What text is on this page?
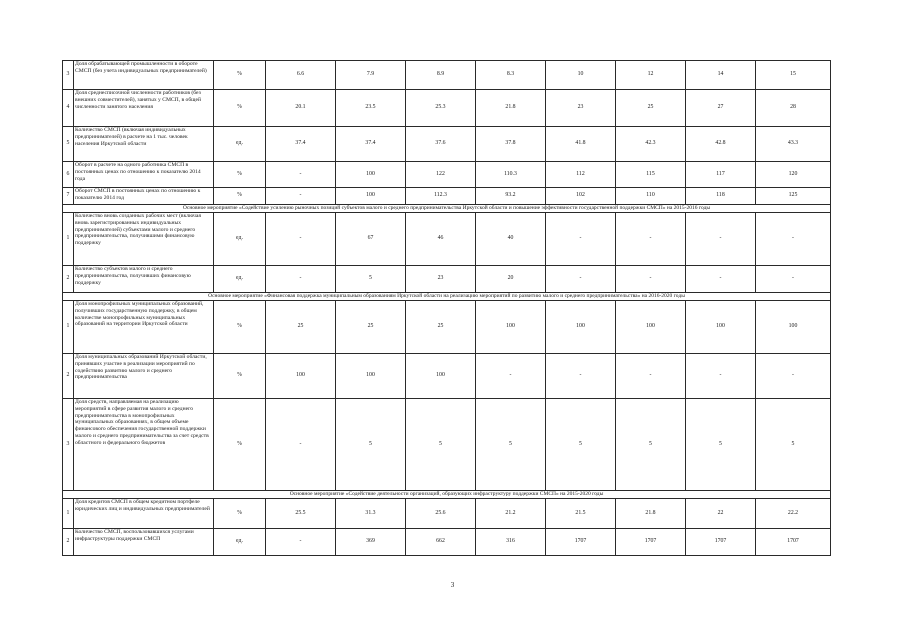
3	Доля обрабатывающей промышленности в обороте СМСП (без учета индивидуальных предпринимателей)	%	6.6	7.9	8.9	8.3	10	12	14	15
4	Доля среднесписочной численности работников (без внешних совместителей), занятых у СМСП, в общей численности занятого населения	%	20.1	23.5	25.3	21.8	23	25	27	28
5	Количество СМСП (включая индивидуальных предпринимателей) в расчете на 1 тыс. человек населения Иркутской области	ед.	37.4	37.4	37.6	37.8	41.8	42.3	42.8	43.3
6	Оборот в расчете на одного работника СМСП в постоянных ценах по отношению к показателю 2014 года	%	-	100	122	110.3	112	115	117	120
7	Оборот СМСП в постоянных ценах по отношению к показателю 2014 год	%	-	100	112.3	93.2	102	110	118	125
Основное мероприятие «Содействие усилению рыночных позиций субъектов малого и среднего предпринимательства Иркутской области и повышение эффективности государственной поддержки СМСП» на 2015-2016 годы										
1	Количество вновь созданных рабочих мест (включая вновь зарегистрированных индивидуальных предпринимателей) субъектами малого и среднего предпринимательства, получившими финансовую поддержку	ед.	-	67	46	40	-	-	-	-
2	Количество субъектов малого и среднего предпринимательства, получивших финансовую поддержку	ед.	-	5	23	20	-	-	-	-
Основное мероприятие «Финансовая поддержка муниципальным образованиям Иркутской области на реализацию мероприятий по развитию малого и среднего предпринимательства» на 2016-2020 годы										
1	Доля монопрофильных муниципальных образований, получивших государственную поддержку, в общем количестве монопрофильных муниципальных образований на территории Иркутской области	%	25	25	25	100	100	100	100	100
2	Доля муниципальных образований Иркутской области, принявших участие в реализации мероприятий по содействию развитию малого и среднего предпринимательства	%	100	100	100	-	-	-	-	-
3	Доля средств, направляемая на реализацию мероприятий в сфере развития малого и среднего предпринимательства в монопрофильных муниципальных образованиях, в общем объеме финансового обеспечения государственной поддержки малого и среднего предпринимательства за счет средств областного и федерального бюджетов	%	-	5	5	5	5	5	5	5
Основное мероприятие «Содействие деятельности организаций, образующих инфраструктуру поддержки СМСП» на 2015-2020 годы										
1	Доля кредитов СМСП в общем кредитном портфеле юридических лиц и индивидуальных предпринимателей	%	25.5	31.3	25.6	21.2	21.5	21.8	22	22.2
2	Количество СМСП, воспользовавшихся услугами инфраструктуры поддержки СМСП	ед.	-	369	662	316	1707	1707	1707	1707
3
